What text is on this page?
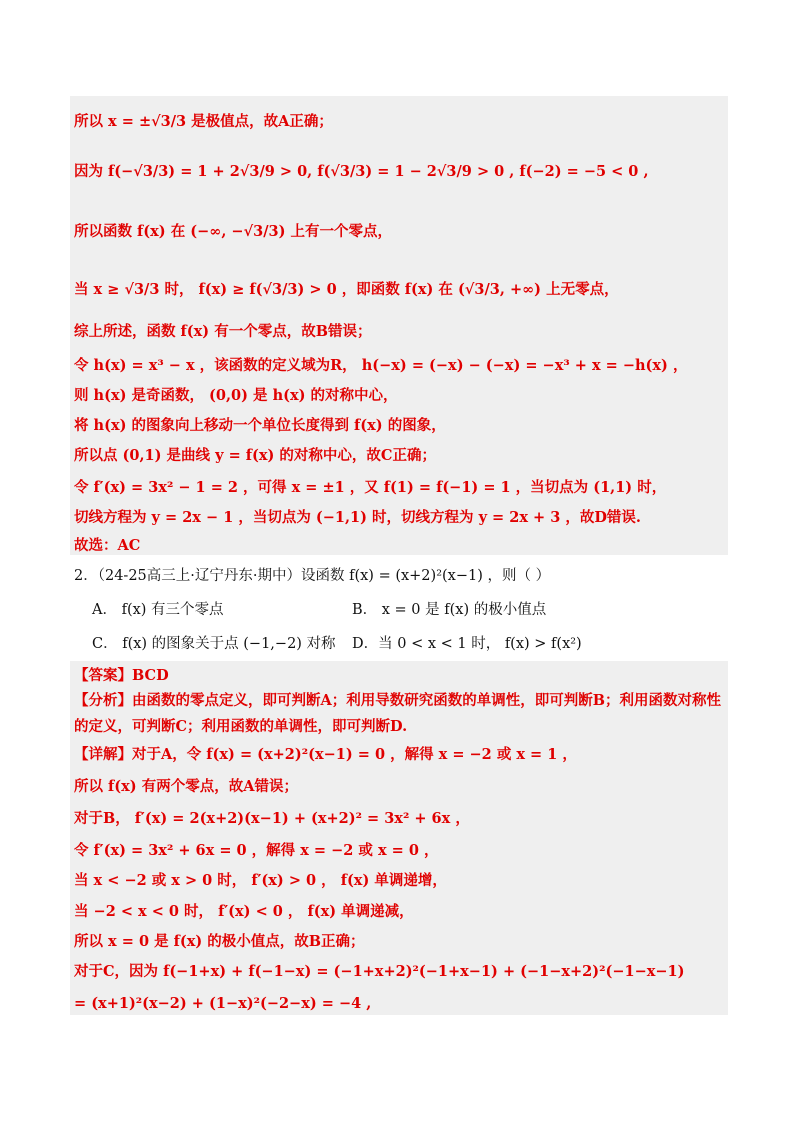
所以 x = ±√3/3 是极值点，故A正确；
因为 f(−√3/3) = 1 + 2√3/9 > 0, f(√3/3) = 1 − 2√3/9 > 0 , f(−2) = −5 < 0 ,
所以函数 f(x) 在 (−∞, −√3/3) 上有一个零点，
当 x ≥ √3/3 时， f(x) ≥ f(√3/3) > 0 ，即函数 f(x) 在 (√3/3, +∞) 上无零点，
综上所述，函数 f(x) 有一个零点，故B错误；
令 h(x) = x³ − x ，该函数的定义域为R， h(−x) = (−x) − (−x) = −x³ + x = −h(x) ，
则 h(x) 是奇函数， (0,0) 是 h(x) 的对称中心，
将 h(x) 的图象向上移动一个单位长度得到 f(x) 的图象，
所以点 (0,1) 是曲线 y = f(x) 的对称中心，故C正确；
令 f′(x) = 3x² − 1 = 2 ，可得 x = ±1 ，又 f(1) = f(−1) = 1 ，当切点为 (1,1) 时，
切线方程为 y = 2x − 1 ，当切点为 (−1,1) 时，切线方程为 y = 2x + 3 ，故D错误.
故选：AC
2．（24-25高三上·辽宁丹东·期中）设函数 f(x) = (x+2)²(x−1) ，则（ ）
A． f(x) 有三个零点	B． x = 0 是 f(x) 的极小值点
C． f(x) 的图象关于点 (−1,−2) 对称 D．当 0 < x < 1 时， f(x) > f(x²)
【答案】BCD
【分析】由函数的零点定义，即可判断A；利用导数研究函数的单调性，即可判断B；利用函数对称性的定义，可判断C；利用函数的单调性，即可判断D.
【详解】对于A，令 f(x) = (x+2)²(x−1) = 0 ，解得 x = −2 或 x = 1 ，
所以 f(x) 有两个零点，故A错误；
对于B， f′(x) = 2(x+2)(x−1) + (x+2)² = 3x² + 6x ，
令 f′(x) = 3x² + 6x = 0 ，解得 x = −2 或 x = 0 ，
当 x < −2 或 x > 0 时， f′(x) > 0 ， f(x) 单调递增，
当 −2 < x < 0 时， f′(x) < 0 ， f(x) 单调递减，
所以 x = 0 是 f(x) 的极小值点，故B正确；
对于C，因为 f(−1+x) + f(−1−x) = (−1+x+2)²(−1+x−1) + (−1−x+2)²(−1−x−1)
= (x+1)²(x−2) + (1−x)²(−2−x) = −4 ,
